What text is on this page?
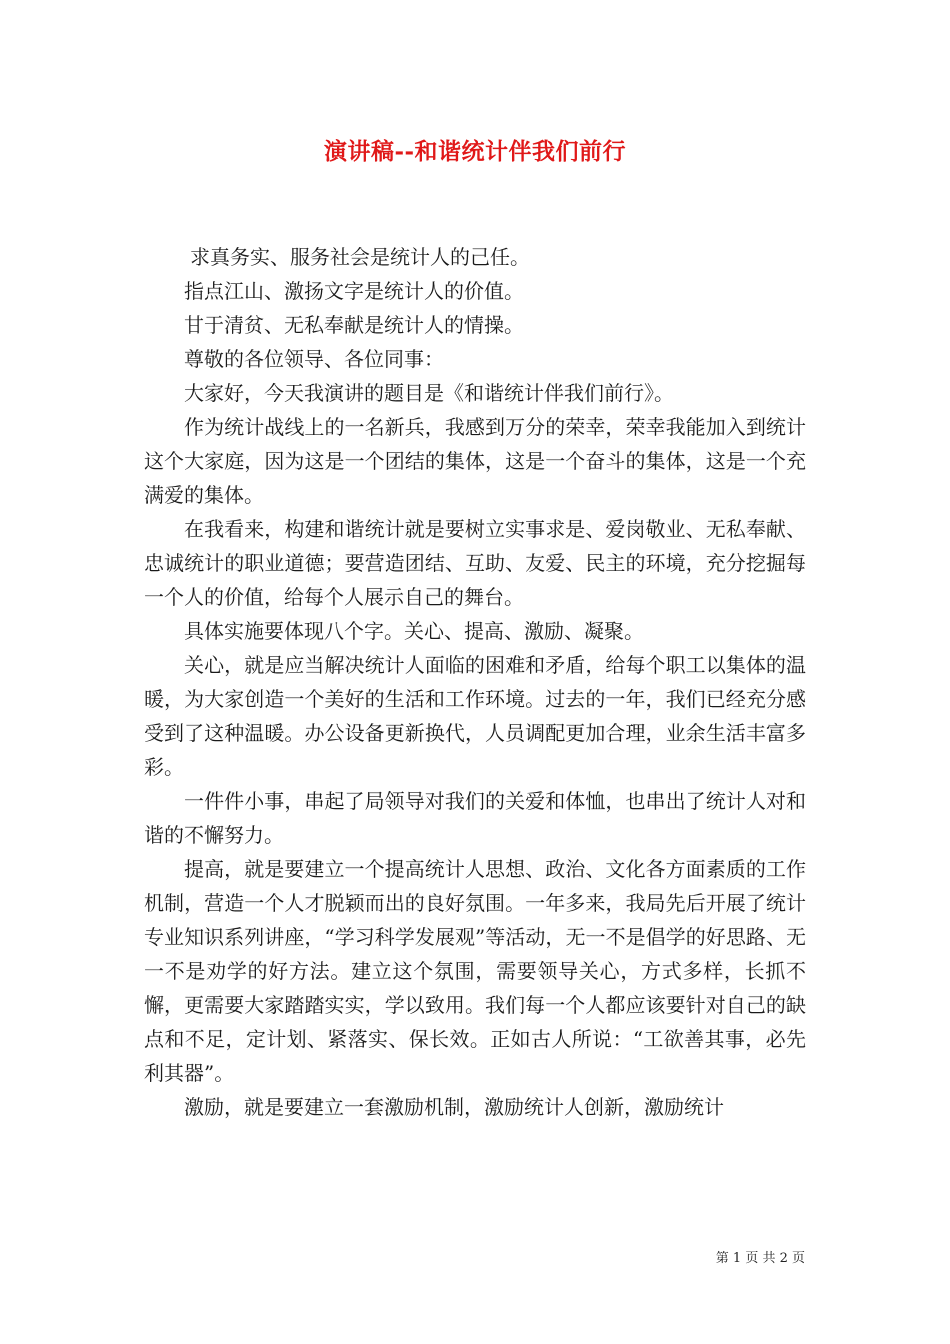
演讲稿--和谐统计伴我们前行

求真务实、服务社会是统计人的己任。

指点江山、激扬文字是统计人的价值。

甘于清贫、无私奉献是统计人的情操。

尊敬的各位领导、各位同事：

大家好，今天我演讲的题目是《和谐统计伴我们前行》。

作为统计战线上的一名新兵，我感到万分的荣幸，荣幸我能加入到统计这个大家庭，因为这是一个团结的集体，这是一个奋斗的集体，这是一个充满爱的集体。

在我看来，构建和谐统计就是要树立实事求是、爱岗敬业、无私奉献、忠诚统计的职业道德；要营造团结、互助、友爱、民主的环境，充分挖掘每一个人的价值，给每个人展示自己的舞台。

具体实施要体现八个字。关心、提高、激励、凝聚。

关心，就是应当解决统计人面临的困难和矛盾，给每个职工以集体的温暖，为大家创造一个美好的生活和工作环境。过去的一年，我们已经充分感受到了这种温暖。办公设备更新换代，人员调配更加合理，业余生活丰富多彩。

一件件小事，串起了局领导对我们的关爱和体恤，也串出了统计人对和谐的不懈努力。

提高，就是要建立一个提高统计人思想、政治、文化各方面素质的工作机制，营造一个人才脱颖而出的良好氛围。一年多来，我局先后开展了统计专业知识系列讲座，“学习科学发展观”等活动，无一不是倡学的好思路、无一不是劝学的好方法。建立这个氛围，需要领导关心，方式多样，长抓不懈，更需要大家踏踏实实，学以致用。我们每一个人都应该要针对自己的缺点和不足，定计划、紧落实、保长效。正如古人所说：“工欲善其事，必先利其器”。

激励，就是要建立一套激励机制，激励统计人创新，激励统计

第 1 页 共 2 页
